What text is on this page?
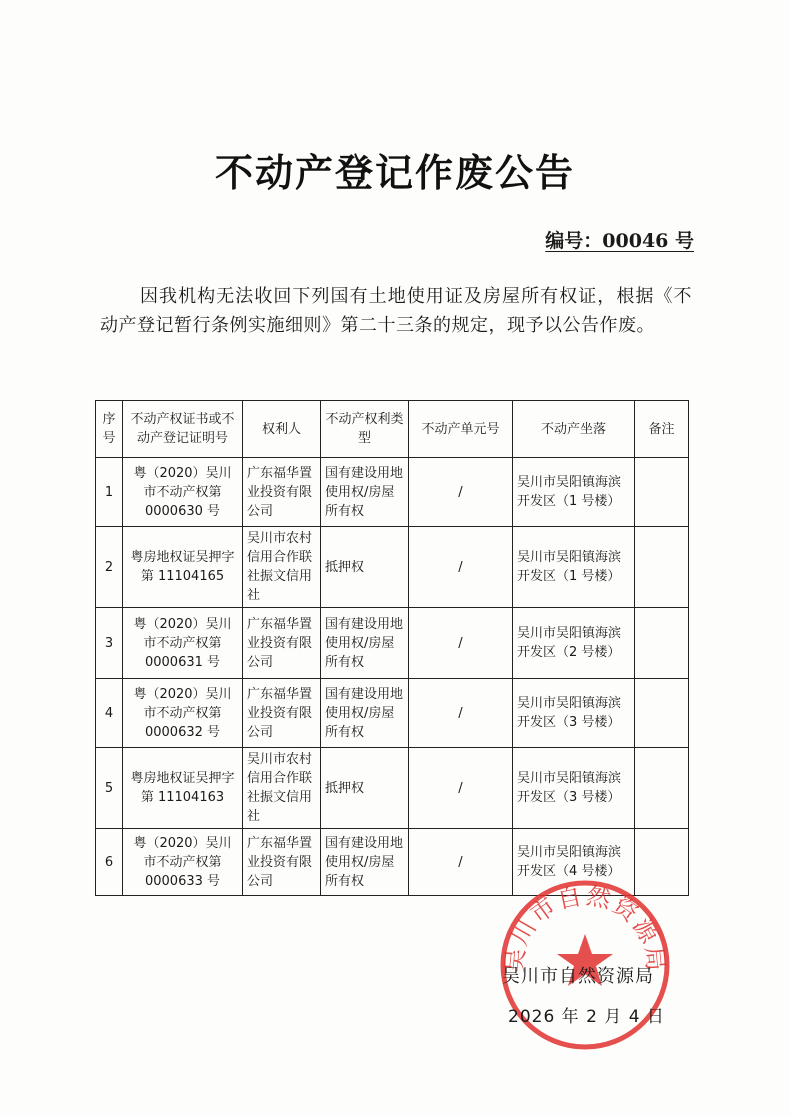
不动产登记作废公告
编号：00046 号
因我机构无法收回下列国有土地使用证及房屋所有权证，根据《不动产登记暂行条例实施细则》第二十三条的规定，现予以公告作废。
序号	不动产权证书或不动产登记证明号	权利人	不动产权利类型	不动产单元号	不动产坐落	备注
1	粤（2020）吴川市不动产权第0000630 号	广东福华置业投资有限公司	国有建设用地使用权/房屋所有权	/	吴川市吴阳镇海滨开发区（1 号楼）	
2	粤房地权证吴押字第 11104165	吴川市农村信用合作联社振文信用社	抵押权	/	吴川市吴阳镇海滨开发区（1 号楼）	
3	粤（2020）吴川市不动产权第0000631 号	广东福华置业投资有限公司	国有建设用地使用权/房屋所有权	/	吴川市吴阳镇海滨开发区（2 号楼）	
4	粤（2020）吴川市不动产权第0000632 号	广东福华置业投资有限公司	国有建设用地使用权/房屋所有权	/	吴川市吴阳镇海滨开发区（3 号楼）	
5	粤房地权证吴押字第 11104163	吴川市农村信用合作联社振文信用社	抵押权	/	吴川市吴阳镇海滨开发区（3 号楼）	
6	粤（2020）吴川市不动产权第0000633 号	广东福华置业投资有限公司	国有建设用地使用权/房屋所有权	/	吴川市吴阳镇海滨开发区（4 号楼）	
吴川市自然资源局
吴川市自然资源局
2026 年 2 月 4 日
